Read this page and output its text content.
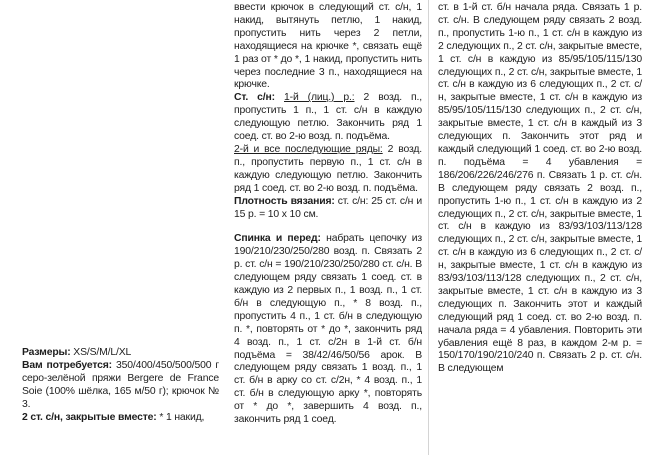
Размеры: XS/S/M/L/XL

Вам потребуется: 350/400/450/500/500 г серо-зелёной пряжи Bergere de France Soie (100% шёлка, 165 м/50 г); крючок № 3.

2 ст. с/н, закрытые вместе: * 1 накид,

ввести крючок в следующий ст. с/н, 1 накид, вытянуть петлю, 1 накид, пропустить нить через 2 петли, находящиеся на крючке *, связать ещё 1 раз от * до *, 1 накид, пропустить нить через последние 3 п., находящиеся на крючке.

Ст. с/н: 1-й (лиц.) р.: 2 возд. п., пропустить 1 п., 1 ст. с/н в каждую следующую петлю. Закончить ряд 1 соед. ст. во 2-ю возд. п. подъёма.

2-й и все последующие ряды: 2 возд. п., пропустить первую п., 1 ст. с/н в каждую следующую петлю. Закончить ряд 1 соед. ст. во 2-ю возд. п. подъёма.

Плотность вязания: ст. с/н: 25 ст. с/н и 15 р. = 10 х 10 см.

Спинка и перед: набрать цепочку из 190/210/230/250/280 возд. п. Связать 2 р. ст. с/н = 190/210/230/250/280 ст. с/н. В следующем ряду связать 1 соед. ст. в каждую из 2 первых п., 1 возд. п., 1 ст. б/н в следующую п., * 8 возд. п., пропустить 4 п., 1 ст. б/н в следующую п. *, повторять от * до *, закончить ряд 4 возд. п., 1 ст. с/2н в 1-й ст. б/н подъёма = 38/42/46/50/56 арок. В следующем ряду связать 1 возд. п., 1 ст. б/н в арку со ст. с/2н, * 4 возд. п., 1 ст. б/н в следующую арку *, повторять от * до *, завершить 4 возд. п., закончить ряд 1 соед.

ст. в 1-й ст. б/н начала ряда. Связать 1 р. ст. с/н. В следующем ряду связать 2 возд. п., пропустить 1-ю п., 1 ст. с/н в каждую из 2 следующих п., 2 ст. с/н, закрытые вместе, 1 ст. с/н в каждую из 85/95/105/115/130 следующих п., 2 ст. с/н, закрытые вместе, 1 ст. с/н в каждую из 6 следующих п., 2 ст. с/н, закрытые вместе, 1 ст. с/н в каждую из 85/95/105/115/130 следующих п., 2 ст. с/н, закрытые вместе, 1 ст. с/н в каждый из 3 следующих п. Закончить этот ряд и каждый следующий 1 соед. ст. во 2-ю возд. п. подъёма = 4 убавления = 186/206/226/246/276 п. Связать 1 р. ст. с/н. В следующем ряду связать 2 возд. п., пропустить 1-ю п., 1 ст. с/н в каждую из 2 следующих п., 2 ст. с/н, закрытые вместе, 1 ст. с/н в каждую из 83/93/103/113/128 следующих п., 2 ст. с/н, закрытые вместе, 1 ст. с/н в каждую из 6 следующих п., 2 ст. с/н, закрытые вместе, 1 ст. с/н в каждую из 83/93/103/113/128 следующих п., 2 ст. с/н, закрытые вместе, 1 ст. с/н в каждую из 3 следующих п. Закончить этот и каждый следующий ряд 1 соед. ст. во 2-ю возд. п. начала ряда = 4 убавления. Повторить эти убавления ещё 8 раз, в каждом 2-м р. = 150/170/190/210/240 п. Связать 2 р. ст. с/н. В следующем
